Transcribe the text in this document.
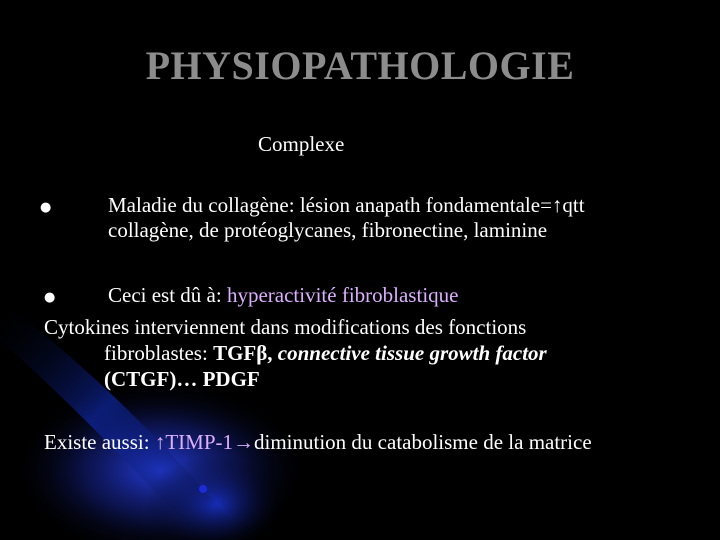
PHYSIOPATHOLOGIE
Complexe
●	Maladie du collagène: lésion anapath fondamentale=↑qtt
collagène, de protéoglycanes, fibronectine, laminine
●	Ceci est dû à: hyperactivité fibroblastique
Cytokines interviennent dans modifications des fonctions
fibroblastes: TGFβ, connective tissue growth factor
(CTGF)… PDGF
Existe aussi: ↑TIMP-1→diminution du catabolisme de la matrice
